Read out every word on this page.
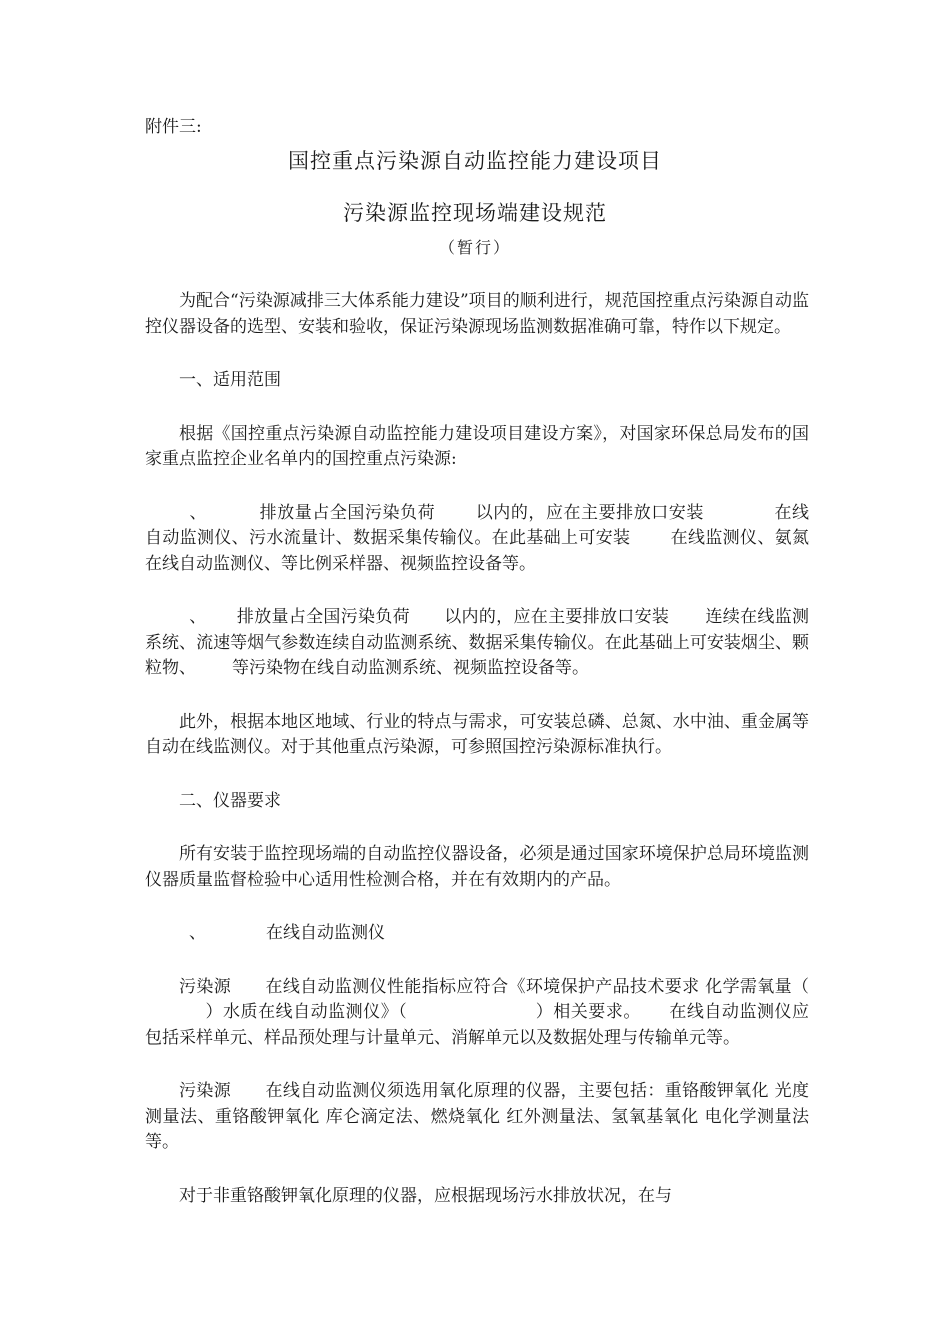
附件三:
国控重点污染源自动监控能力建设项目
污染源监控现场端建设规范
（暂行）

为配合“污染源减排三大体系能力建设”项目的顺利进行，规范国控重点污染源自动监控仪器设备的选型、安装和验收，保证污染源现场监测数据准确可靠，特作以下规定。

一、适用范围

根据《国控重点污染源自动监控能力建设项目建设方案》，对国家环保总局发布的国家重点监控企业名单内的国控重点污染源:

、	排放量占全国污染负荷 以内的，应在主要排放口安装	在线自动监测仪、污水流量计、数据采集传输仪。在此基础上可安装 在线监测仪、氨氮在线自动监测仪、等比例采样器、视频监控设备等。

、 排放量占全国污染负荷 以内的，应在主要排放口安装 连续在线监测系统、流速等烟气参数连续自动监测系统、数据采集传输仪。在此基础上可安装烟尘、颗粒物、 等污染物在线自动监测系统、视频监控设备等。

此外，根据本地区地域、行业的特点与需求，可安装总磷、总氮、水中油、重金属等自动在线监测仪。对于其他重点污染源，可参照国控污染源标准执行。

二、仪器要求

所有安装于监控现场端的自动监控仪器设备，必须是通过国家环境保护总局环境监测仪器质量监督检验中心适用性检测合格，并在有效期内的产品。

、	在线自动监测仪

污染源 在线自动监测仪性能指标应符合《环境保护产品技术要求 化学需氧量（）水质在线自动监测仪》（	）相关要求。 在线自动监测仪应包括采样单元、样品预处理与计量单元、消解单元以及数据处理与传输单元等。

污染源 在线自动监测仪须选用氧化原理的仪器，主要包括：重铬酸钾氧化 光度测量法、重铬酸钾氧化 库仑滴定法、燃烧氧化 红外测量法、氢氧基氧化 电化学测量法等。

对于非重铬酸钾氧化原理的仪器，应根据现场污水排放状况，在与
